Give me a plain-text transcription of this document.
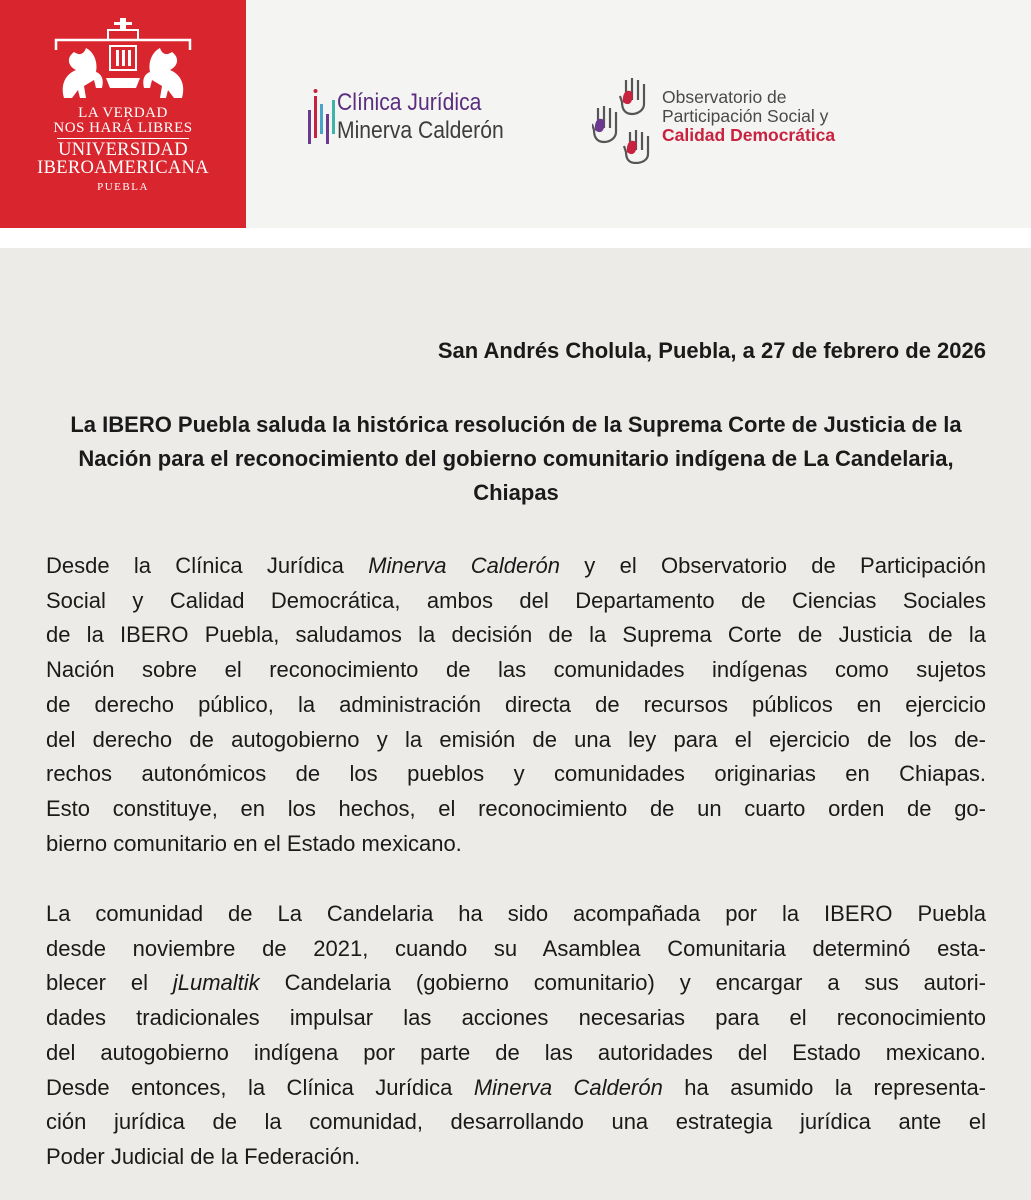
LA VERDAD
NOS HARÁ LIBRES
UNIVERSIDAD
IBEROAMERICANA
PUEBLA
Clínica Jurídica
Minerva Calderón
Observatorio de
Participación Social y
Calidad Democrática
San Andrés Cholula, Puebla, a 27 de febrero de 2026
La IBERO Puebla saluda la histórica resolución de la Suprema Corte de Justicia de la Nación para el reconocimiento del gobierno comunitario indígena de La Candelaria, Chiapas
Desde la Clínica Jurídica Minerva Calderón y el Observatorio de Participación
Social y Calidad Democrática, ambos del Departamento de Ciencias Sociales
de la IBERO Puebla, saludamos la decisión de la Suprema Corte de Justicia de la
Nación sobre el reconocimiento de las comunidades indígenas como sujetos
de derecho público, la administración directa de recursos públicos en ejercicio
del derecho de autogobierno y la emisión de una ley para el ejercicio de los de-
rechos autonómicos de los pueblos y comunidades originarias en Chiapas.
Esto constituye, en los hechos, el reconocimiento de un cuarto orden de go-
bierno comunitario en el Estado mexicano.
La comunidad de La Candelaria ha sido acompañada por la IBERO Puebla
desde noviembre de 2021, cuando su Asamblea Comunitaria determinó esta-
blecer el jLumaltik Candelaria (gobierno comunitario) y encargar a sus autori-
dades tradicionales impulsar las acciones necesarias para el reconocimiento
del autogobierno indígena por parte de las autoridades del Estado mexicano.
Desde entonces, la Clínica Jurídica Minerva Calderón ha asumido la representa-
ción jurídica de la comunidad, desarrollando una estrategia jurídica ante el
Poder Judicial de la Federación.
